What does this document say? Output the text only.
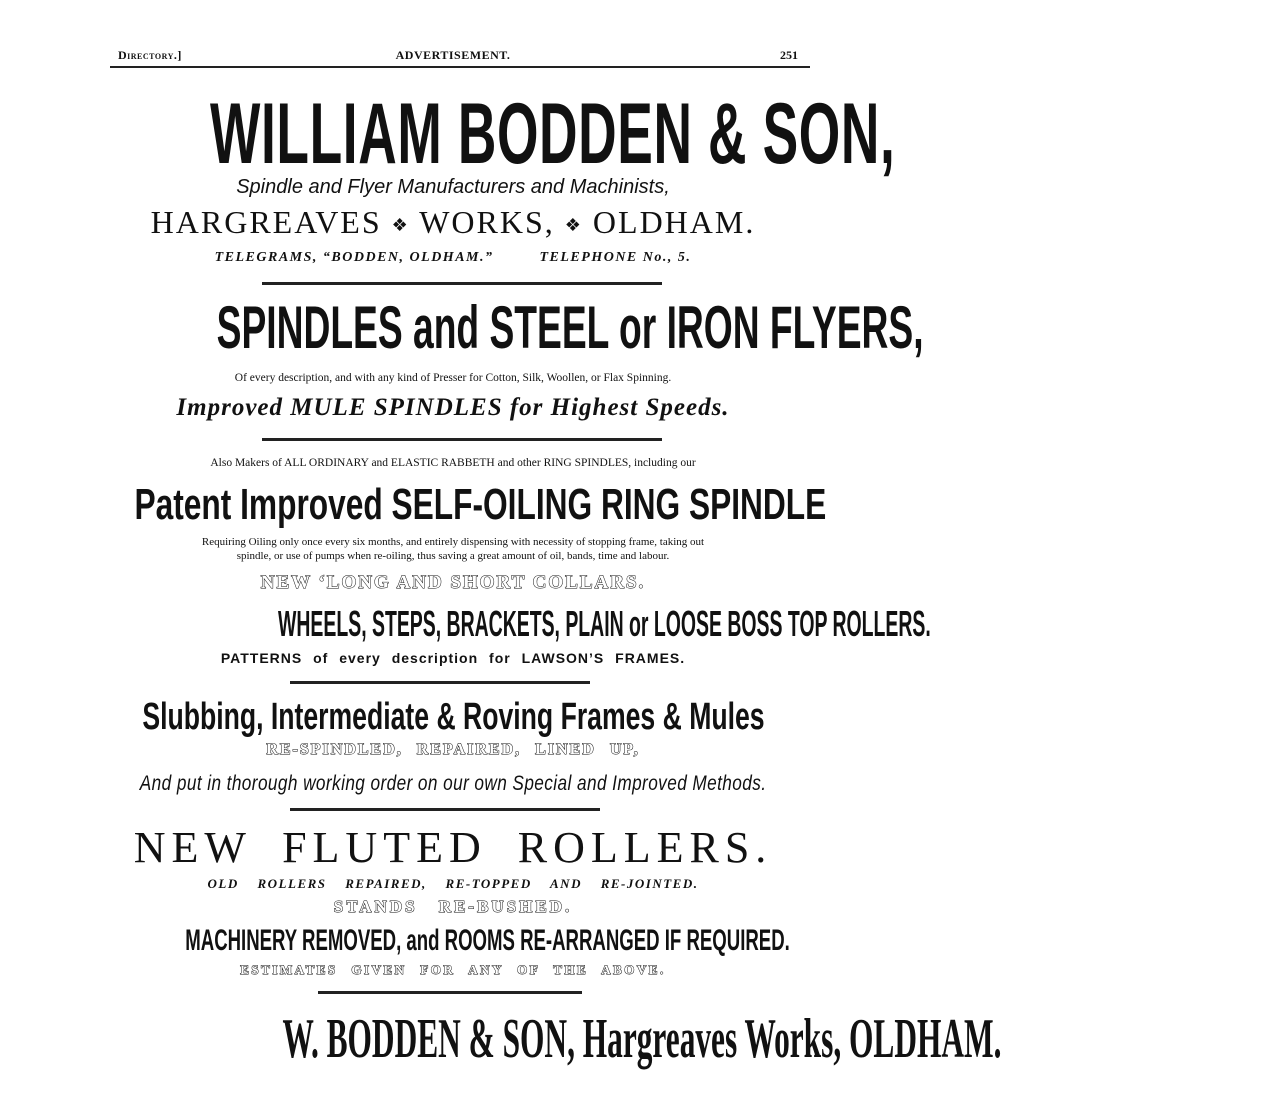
Directory.]	ADVERTISEMENT.	251
WILLIAM BODDEN & SON,
Spindle and Flyer Manufacturers and Machinists,
HARGREAVES ❖ WORKS, ❖ OLDHAM.
TELEGRAMS, “BODDEN, OLDHAM.”	TELEPHONE No., 5.
SPINDLES and STEEL or IRON FLYERS,
Of every description, and with any kind of Presser for Cotton, Silk, Woollen, or Flax Spinning.
Improved MULE SPINDLES for Highest Speeds.
Also Makers of ALL ORDINARY and ELASTIC RABBETH and other RING SPINDLES, including our
Patent Improved SELF-OILING RING SPINDLE
Requiring Oiling only once every six months, and entirely dispensing with necessity of stopping frame, taking out
spindle, or use of pumps when re-oiling, thus saving a great amount of oil, bands, time and labour.
NEW ‘LONG AND SHORT COLLARS.
WHEELS, STEPS, BRACKETS, PLAIN or LOOSE BOSS TOP ROLLERS.
PATTERNS of every description for LAWSON’S FRAMES.
Slubbing, Intermediate & Roving Frames & Mules
RE-SPINDLED, REPAIRED, LINED UP,
And put in thorough working order on our own Special and Improved Methods.
NEW FLUTED ROLLERS.
OLD ROLLERS REPAIRED, RE-TOPPED AND RE-JOINTED.
STANDS RE-BUSHED.
MACHINERY REMOVED, and ROOMS RE-ARRANGED IF REQUIRED.
ESTIMATES GIVEN FOR ANY OF THE ABOVE.
W. BODDEN & SON, Hargreaves Works, OLDHAM.
